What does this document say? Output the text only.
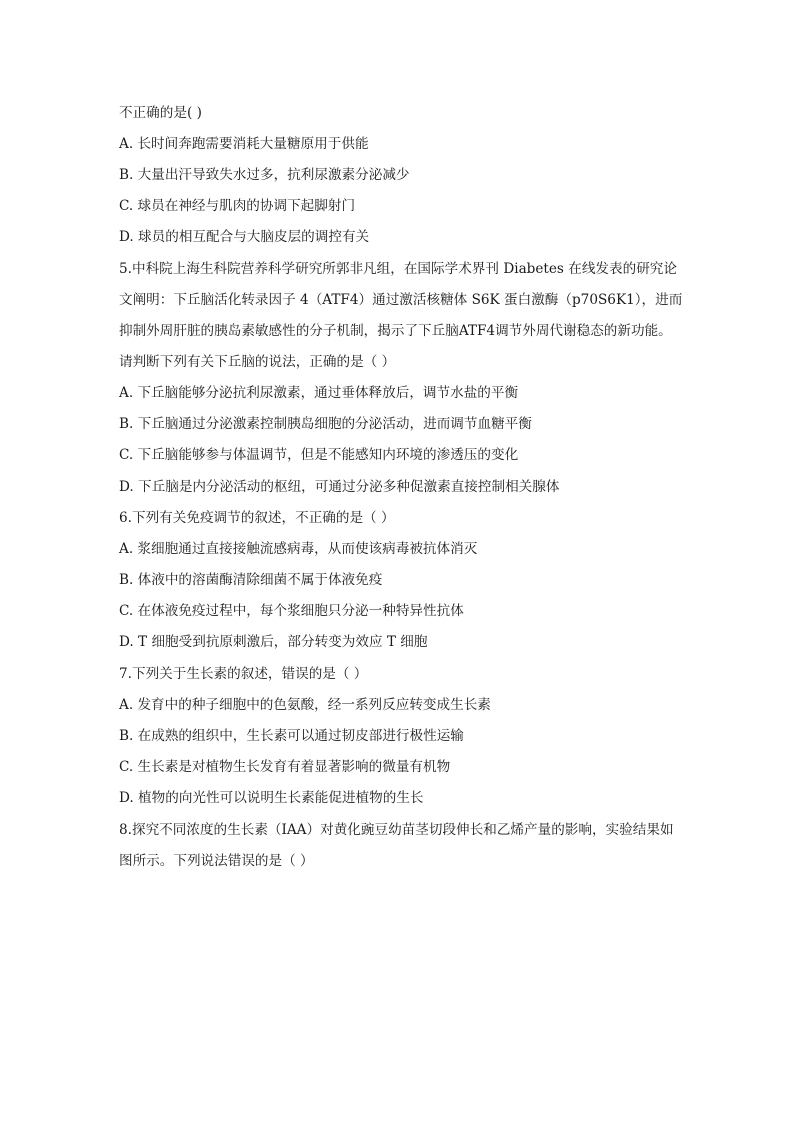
不正确的是( )
A. 长时间奔跑需要消耗大量糖原用于供能
B. 大量出汗导致失水过多，抗利尿激素分泌减少
C. 球员在神经与肌肉的协调下起脚射门
D. 球员的相互配合与大脑皮层的调控有关
5.中科院上海生科院营养科学研究所郭非凡组，在国际学术界刊 Diabetes 在线发表的研究论
文阐明：下丘脑活化转录因子 4（ATF4）通过激活核糖体 S6K 蛋白激酶（p70S6K1），进而
抑制外周肝脏的胰岛素敏感性的分子机制，揭示了下丘脑ATF4调节外周代谢稳态的新功能。
请判断下列有关下丘脑的说法，正确的是（ ）
A. 下丘脑能够分泌抗利尿激素，通过垂体释放后，调节水盐的平衡
B. 下丘脑通过分泌激素控制胰岛细胞的分泌活动，进而调节血糖平衡
C. 下丘脑能够参与体温调节，但是不能感知内环境的渗透压的变化
D. 下丘脑是内分泌活动的枢纽，可通过分泌多种促激素直接控制相关腺体
6.下列有关免疫调节的叙述，不正确的是（ ）
A. 浆细胞通过直接接触流感病毒，从而使该病毒被抗体消灭
B. 体液中的溶菌酶清除细菌不属于体液免疫
C. 在体液免疫过程中，每个浆细胞只分泌一种特异性抗体
D. T 细胞受到抗原刺激后，部分转变为效应 T 细胞
7.下列关于生长素的叙述，错误的是（ ）
A. 发育中的种子细胞中的色氨酸，经一系列反应转变成生长素
B. 在成熟的组织中，生长素可以通过韧皮部进行极性运输
C. 生长素是对植物生长发育有着显著影响的微量有机物
D. 植物的向光性可以说明生长素能促进植物的生长
8.探究不同浓度的生长素（IAA）对黄化豌豆幼苗茎切段伸长和乙烯产量的影响，实验结果如
图所示。下列说法错误的是（ ）
